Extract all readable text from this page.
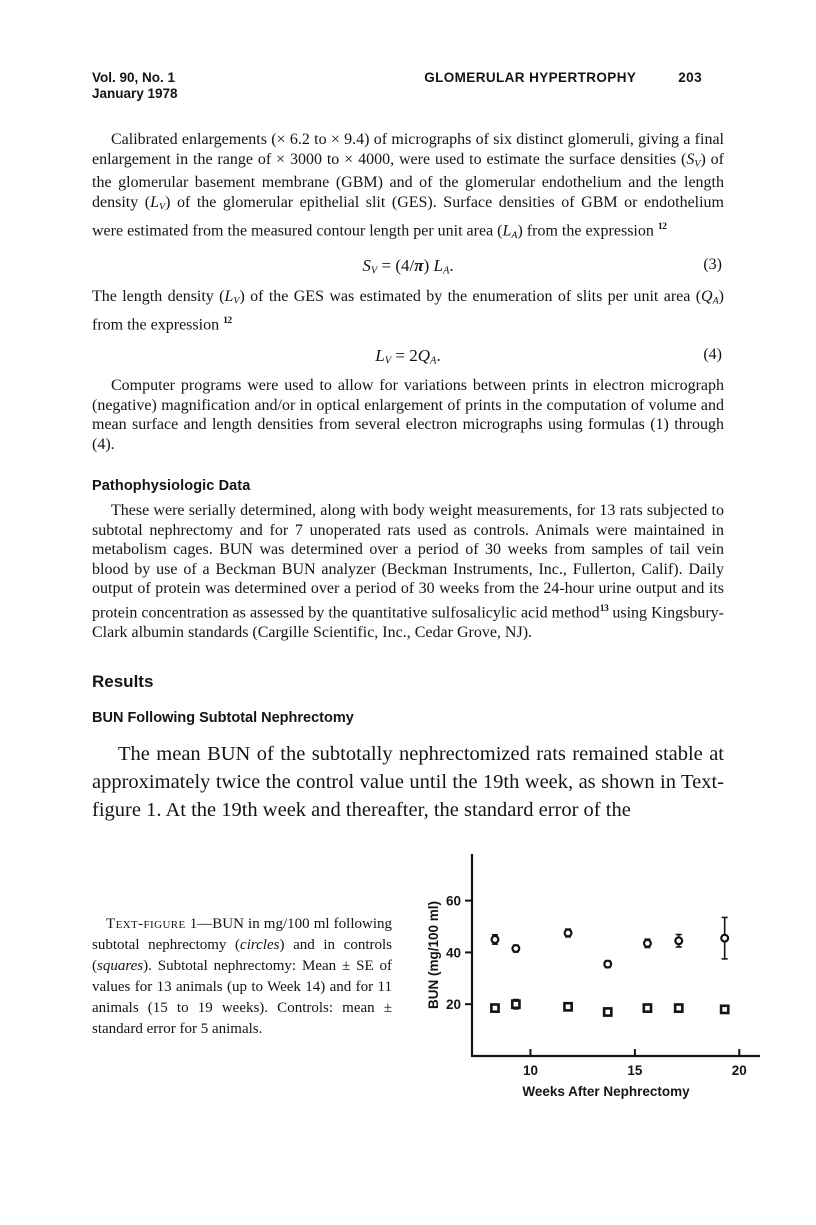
Vol. 90, No. 1
January 1978
GLOMERULAR HYPERTROPHY	203

Calibrated enlargements (× 6.2 to × 9.4) of micrographs of six distinct glomeruli, giving a final enlargement in the range of × 3000 to × 4000, were used to estimate the surface densities (SV) of the glomerular basement membrane (GBM) and of the glomerular endothelium and the length density (LV) of the glomerular epithelial slit (GES). Surface densities of GBM or endothelium were estimated from the measured contour length per unit area (LA) from the expression $^{12}$

SV = (4/π) LA.	(3)

The length density (LV) of the GES was estimated by the enumeration of slits per unit area (QA) from the expression $^{12}$

LV = 2QA.	(4)

Computer programs were used to allow for variations between prints in electron micrograph (negative) magnification and/or in optical enlargement of prints in the computation of volume and mean surface and length densities from several electron micrographs using formulas (1) through (4).

Pathophysiologic Data

These were serially determined, along with body weight measurements, for 13 rats subjected to subtotal nephrectomy and for 7 unoperated rats used as controls. Animals were maintained in metabolism cages. BUN was determined over a period of 30 weeks from samples of tail vein blood by use of a Beckman BUN analyzer (Beckman Instruments, Inc., Fullerton, Calif). Daily output of protein was determined over a period of 30 weeks from the 24-hour urine output and its protein concentration as assessed by the quantitative sulfosalicylic acid method$^{13}$ using Kingsbury-Clark albumin standards (Cargille Scientific, Inc., Cedar Grove, NJ).

Results
BUN Following Subtotal Nephrectomy

The mean BUN of the subtotally nephrectomized rats remained stable at approximately twice the control value until the 19th week, as shown in Text-figure 1. At the 19th week and thereafter, the standard error of the

Text-figure 1—BUN in mg/100 ml following subtotal nephrectomy (circles) and in controls (squares). Subtotal nephrectomy: Mean ± SE of values for 13 animals (up to Week 14) and for 11 animals (15 to 19 weeks). Controls: mean ± standard error for 5 animals.
20
40
60
10	15	20
Weeks After Nephrectomy
BUN (mg/100 ml)
